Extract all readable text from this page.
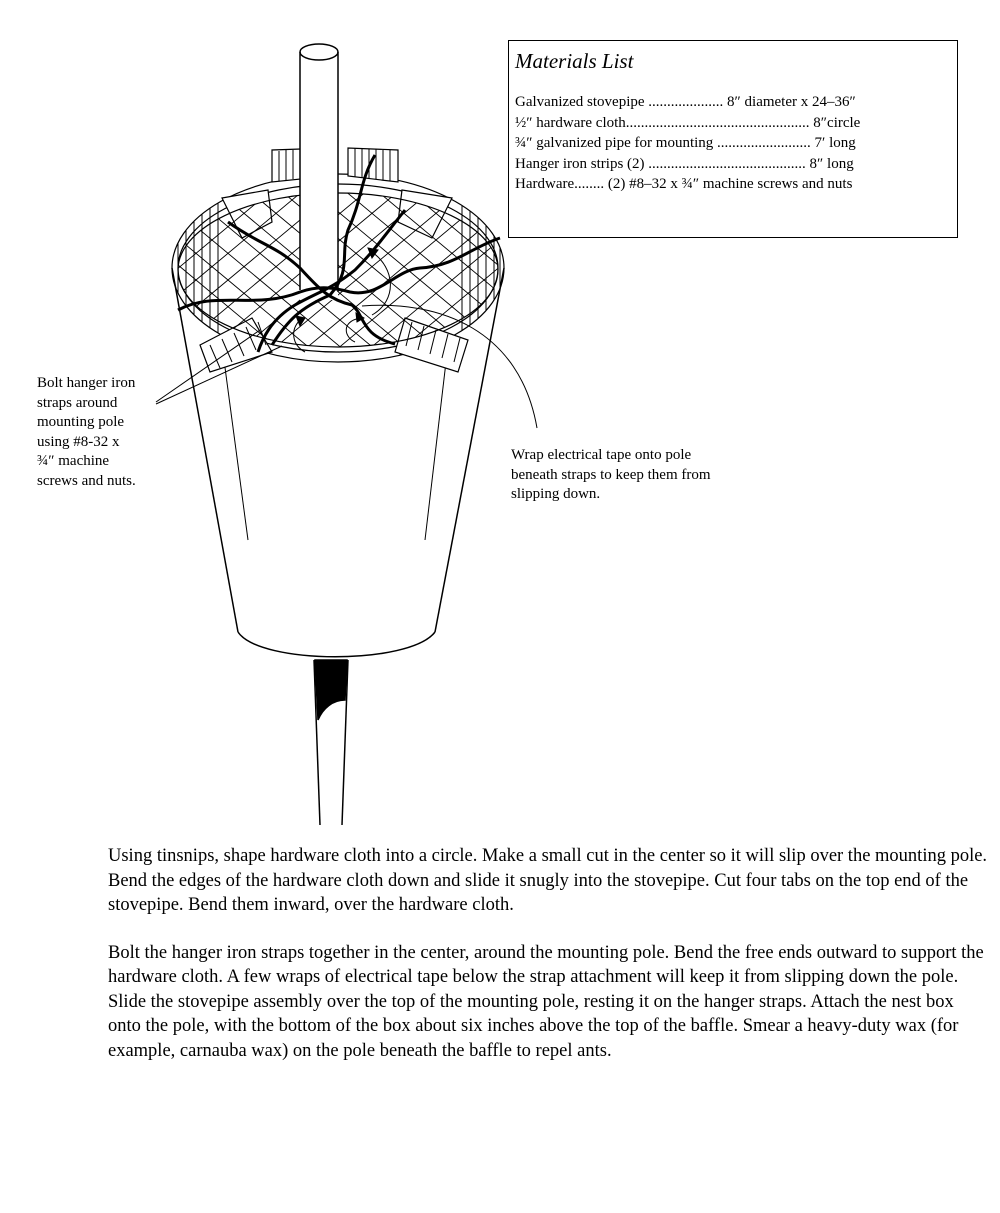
Materials List
Galvanized stovepipe .................... 8″ diameter x 24–36″
½″ hardware cloth................................................. 8″circle
¾″ galvanized pipe for mounting ......................... 7′ long
Hanger iron strips (2) .......................................... 8″ long
Hardware........ (2) #8–32 x ¾″ machine screws and nuts
Bolt hanger iron
straps around
mounting pole
using #8-32 x
¾″ machine
screws and nuts.
Wrap electrical tape onto pole
beneath straps to keep them from
slipping down.

Using tinsnips, shape hardware cloth into a circle. Make a small cut in the center so it will slip over the mounting pole. Bend the edges of the hardware cloth down and slide it snugly into the stovepipe. Cut four tabs on the top end of the stovepipe. Bend them inward, over the hardware cloth.

Bolt the hanger iron straps together in the center, around the mounting pole. Bend the free ends outward to support the hardware cloth. A few wraps of electrical tape below the strap attachment will keep it from slipping down the pole. Slide the stovepipe assembly over the top of the mounting pole, resting it on the hanger straps. Attach the nest box onto the pole, with the bottom of the box about six inches above the top of the baffle. Smear a heavy-duty wax (for example, carnauba wax) on the pole beneath the baffle to repel ants.
